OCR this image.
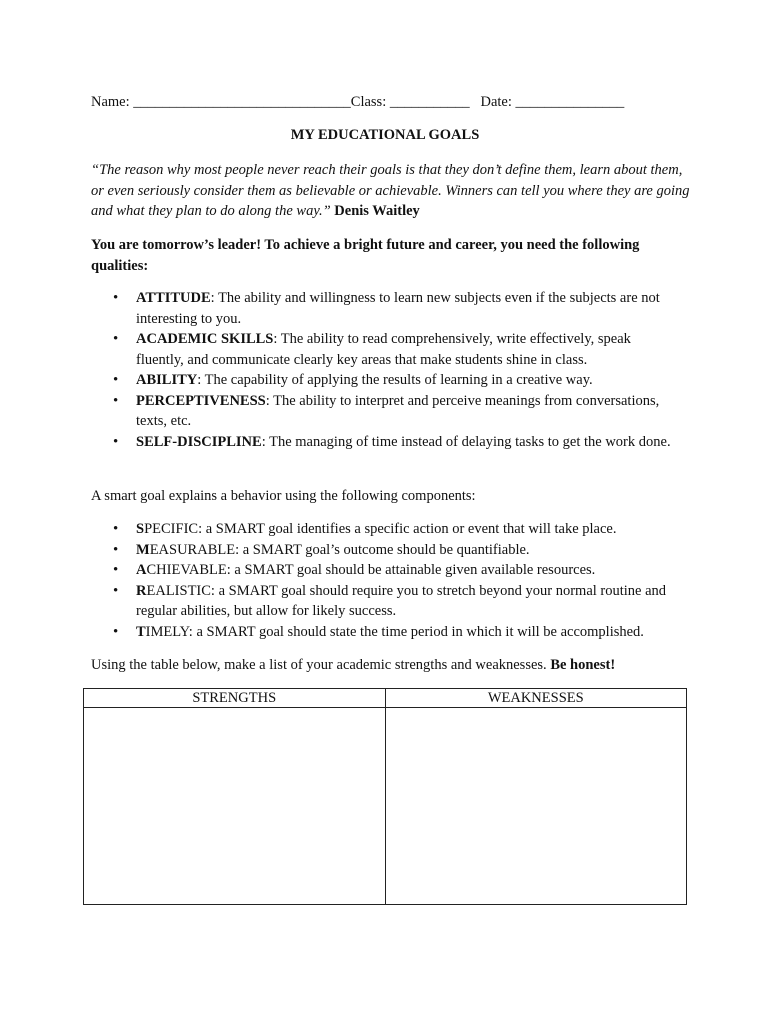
Name: ______________________________Class: ___________ Date: _______________
MY EDUCATIONAL GOALS
“The reason why most people never reach their goals is that they don’t define them, learn about them, or even seriously consider them as believable or achievable. Winners can tell you where they are going and what they plan to do along the way.” Denis Waitley
You are tomorrow’s leader! To achieve a bright future and career, you need the following qualities:
• ATTITUDE: The ability and willingness to learn new subjects even if the subjects are not interesting to you.
• ACADEMIC SKILLS: The ability to read comprehensively, write effectively, speak fluently, and communicate clearly key areas that make students shine in class.
• ABILITY: The capability of applying the results of learning in a creative way.
• PERCEPTIVENESS: The ability to interpret and perceive meanings from conversations, texts, etc.
• SELF-DISCIPLINE: The managing of time instead of delaying tasks to get the work done.
A smart goal explains a behavior using the following components:
• SPECIFIC: a SMART goal identifies a specific action or event that will take place.
• MEASURABLE: a SMART goal’s outcome should be quantifiable.
• ACHIEVABLE: a SMART goal should be attainable given available resources.
• REALISTIC: a SMART goal should require you to stretch beyond your normal routine and regular abilities, but allow for likely success.
• TIMELY: a SMART goal should state the time period in which it will be accomplished.
Using the table below, make a list of your academic strengths and weaknesses. Be honest!
STRENGTHS	WEAKNESSES
